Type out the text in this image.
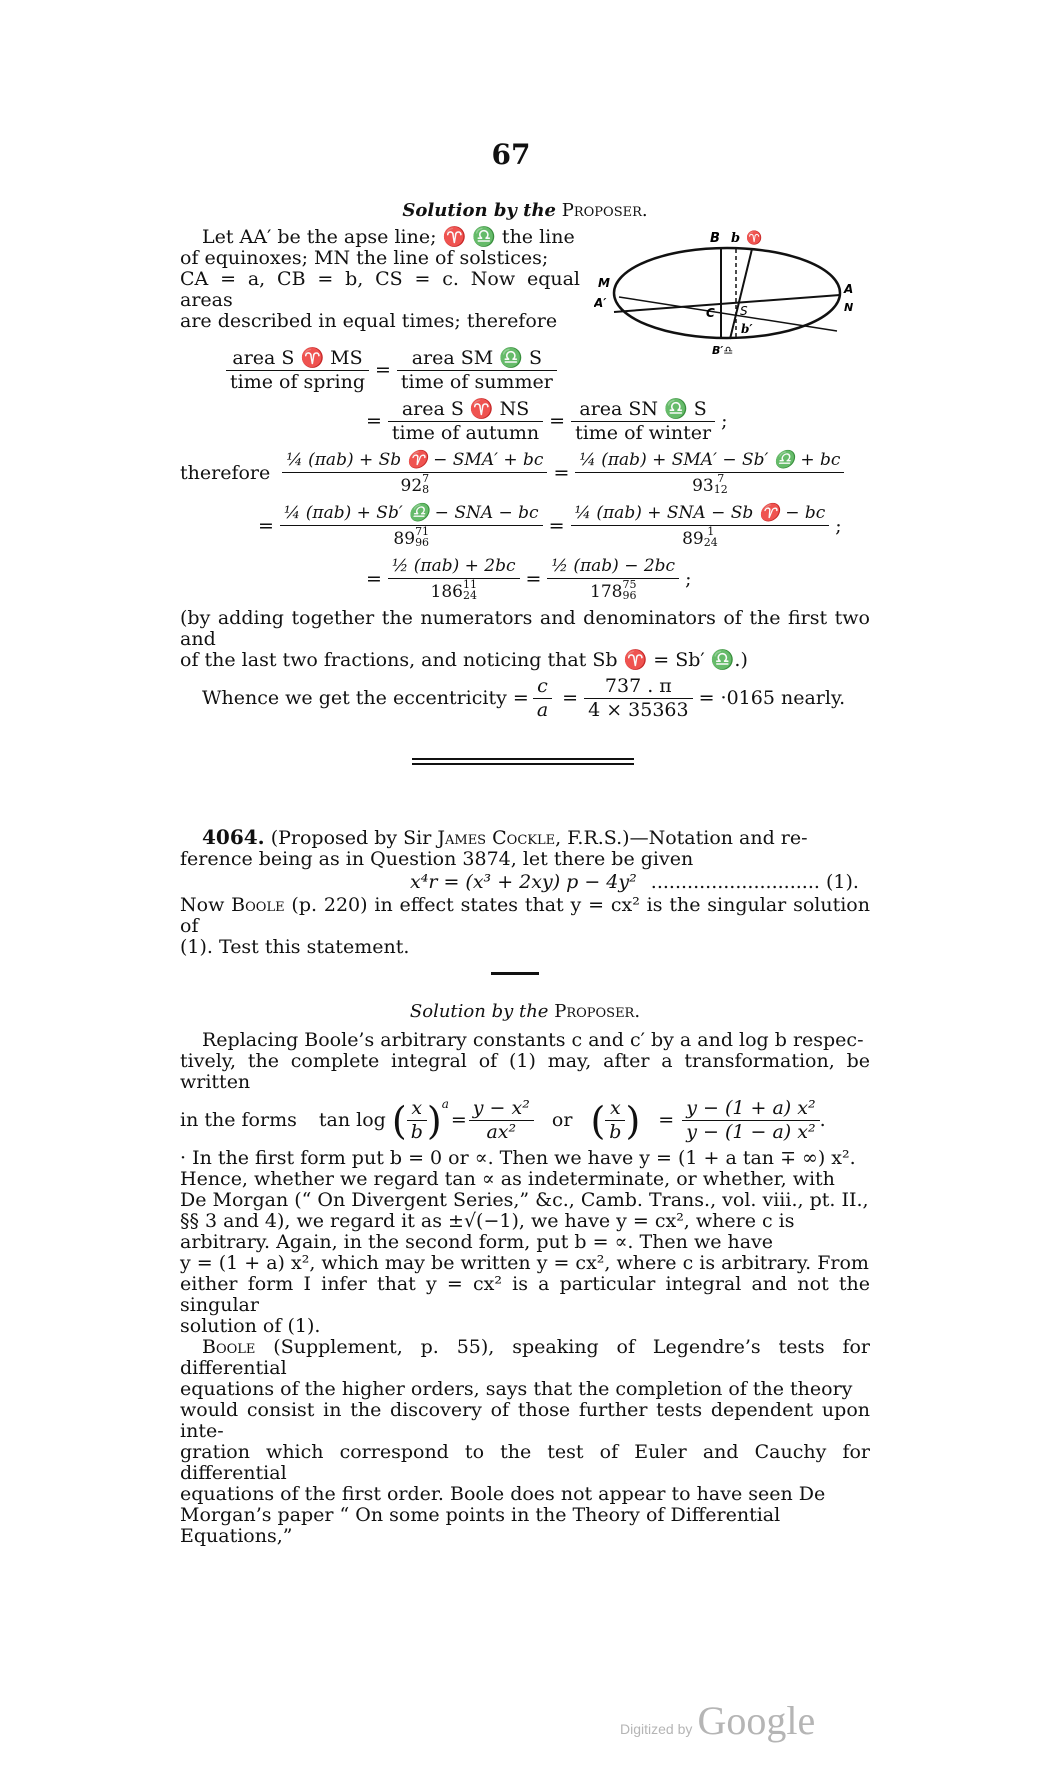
67
Solution by the Proposer.
Let AA′ be the apse line; ♈ ♎ the line
of equinoxes; MN the line of solstices;
CA = a, CB = b, CS = c. Now equal areas
are described in equal times; therefore
B b ♈
M
A′
C S
b′
A
N
B′♎
$\frac{\text{area S ♈ MS}}{\text{time of spring}} = \frac{\text{area SM ♎ S}}{\text{time of summer}}$
= $\frac{\text{area S ♈ NS}}{\text{time of autumn}} = \frac{\text{area SN ♎ S}}{\text{time of winter}}$ ;
therefore ¼ (πab) + Sb ♈ − SMA′ + bc
92 7
8 = ¼ (πab) + SMA′ − Sb′ ♎ + bc
93 7
12
= ¼ (πab) + Sb′ ♎ − SNA − bc
89 71
96 = ¼ (πab) + SNA − Sb ♈ − bc
89 1
24 ;
= ½ (πab) + 2bc
186 11
24 = ½ (πab) − 2bc
178 75
96 ;
(by adding together the numerators and denominators of the first two and
of the last two fractions, and noticing that Sb ♈ = Sb′ ♎.)
Whence we get the eccentricity = $\frac{c}{a} = \frac{737 . \pi}{4 \times 35363} = \cdot 0165$ nearly.
4064. (Proposed by Sir James Cockle, F.R.S.)—Notation and re-
ference being as in Question 3874, let there be given
x⁴r = (x³ + 2xy) p − 4y² ............................ (1).
Now Boole (p. 220) in effect states that y = cx² is the singular solution of
(1). Test this statement.
Solution by the Proposer.
Replacing Boole’s arbitrary constants c and c′ by a and log b respec-
tively, the complete integral of (1) may, after a transformation, be written
in the forms tan log ( $\frac{x}{b} )a= \frac{\text{y − x²}}{\text{ax²}}$ or ( $\frac{x}{b}$ ) = $\frac{\text{y − (1 + a) x²}}{\text{y − (1 − a) x²}}$ .
· In the first form put b = 0 or ∝. Then we have y = (1 + a tan ∓ ∞) x².
Hence, whether we regard tan ∝ as indeterminate, or whether, with
De Morgan (“ On Divergent Series,” &c., Camb. Trans., vol. viii., pt. II.,
§§ 3 and 4), we regard it as ±√(−1), we have y = cx², where c is
arbitrary. Again, in the second form, put b = ∝. Then we have
y = (1 + a) x², which may be written y = cx², where c is arbitrary. From
either form I infer that y = cx² is a particular integral and not the singular
solution of (1).
Boole (Supplement, p. 55), speaking of Legendre’s tests for differential
equations of the higher orders, says that the completion of the theory
would consist in the discovery of those further tests dependent upon inte-
gration which correspond to the test of Euler and Cauchy for differential
equations of the first order. Boole does not appear to have seen De
Morgan’s paper “ On some points in the Theory of Differential Equations,”
Digitized by Google
